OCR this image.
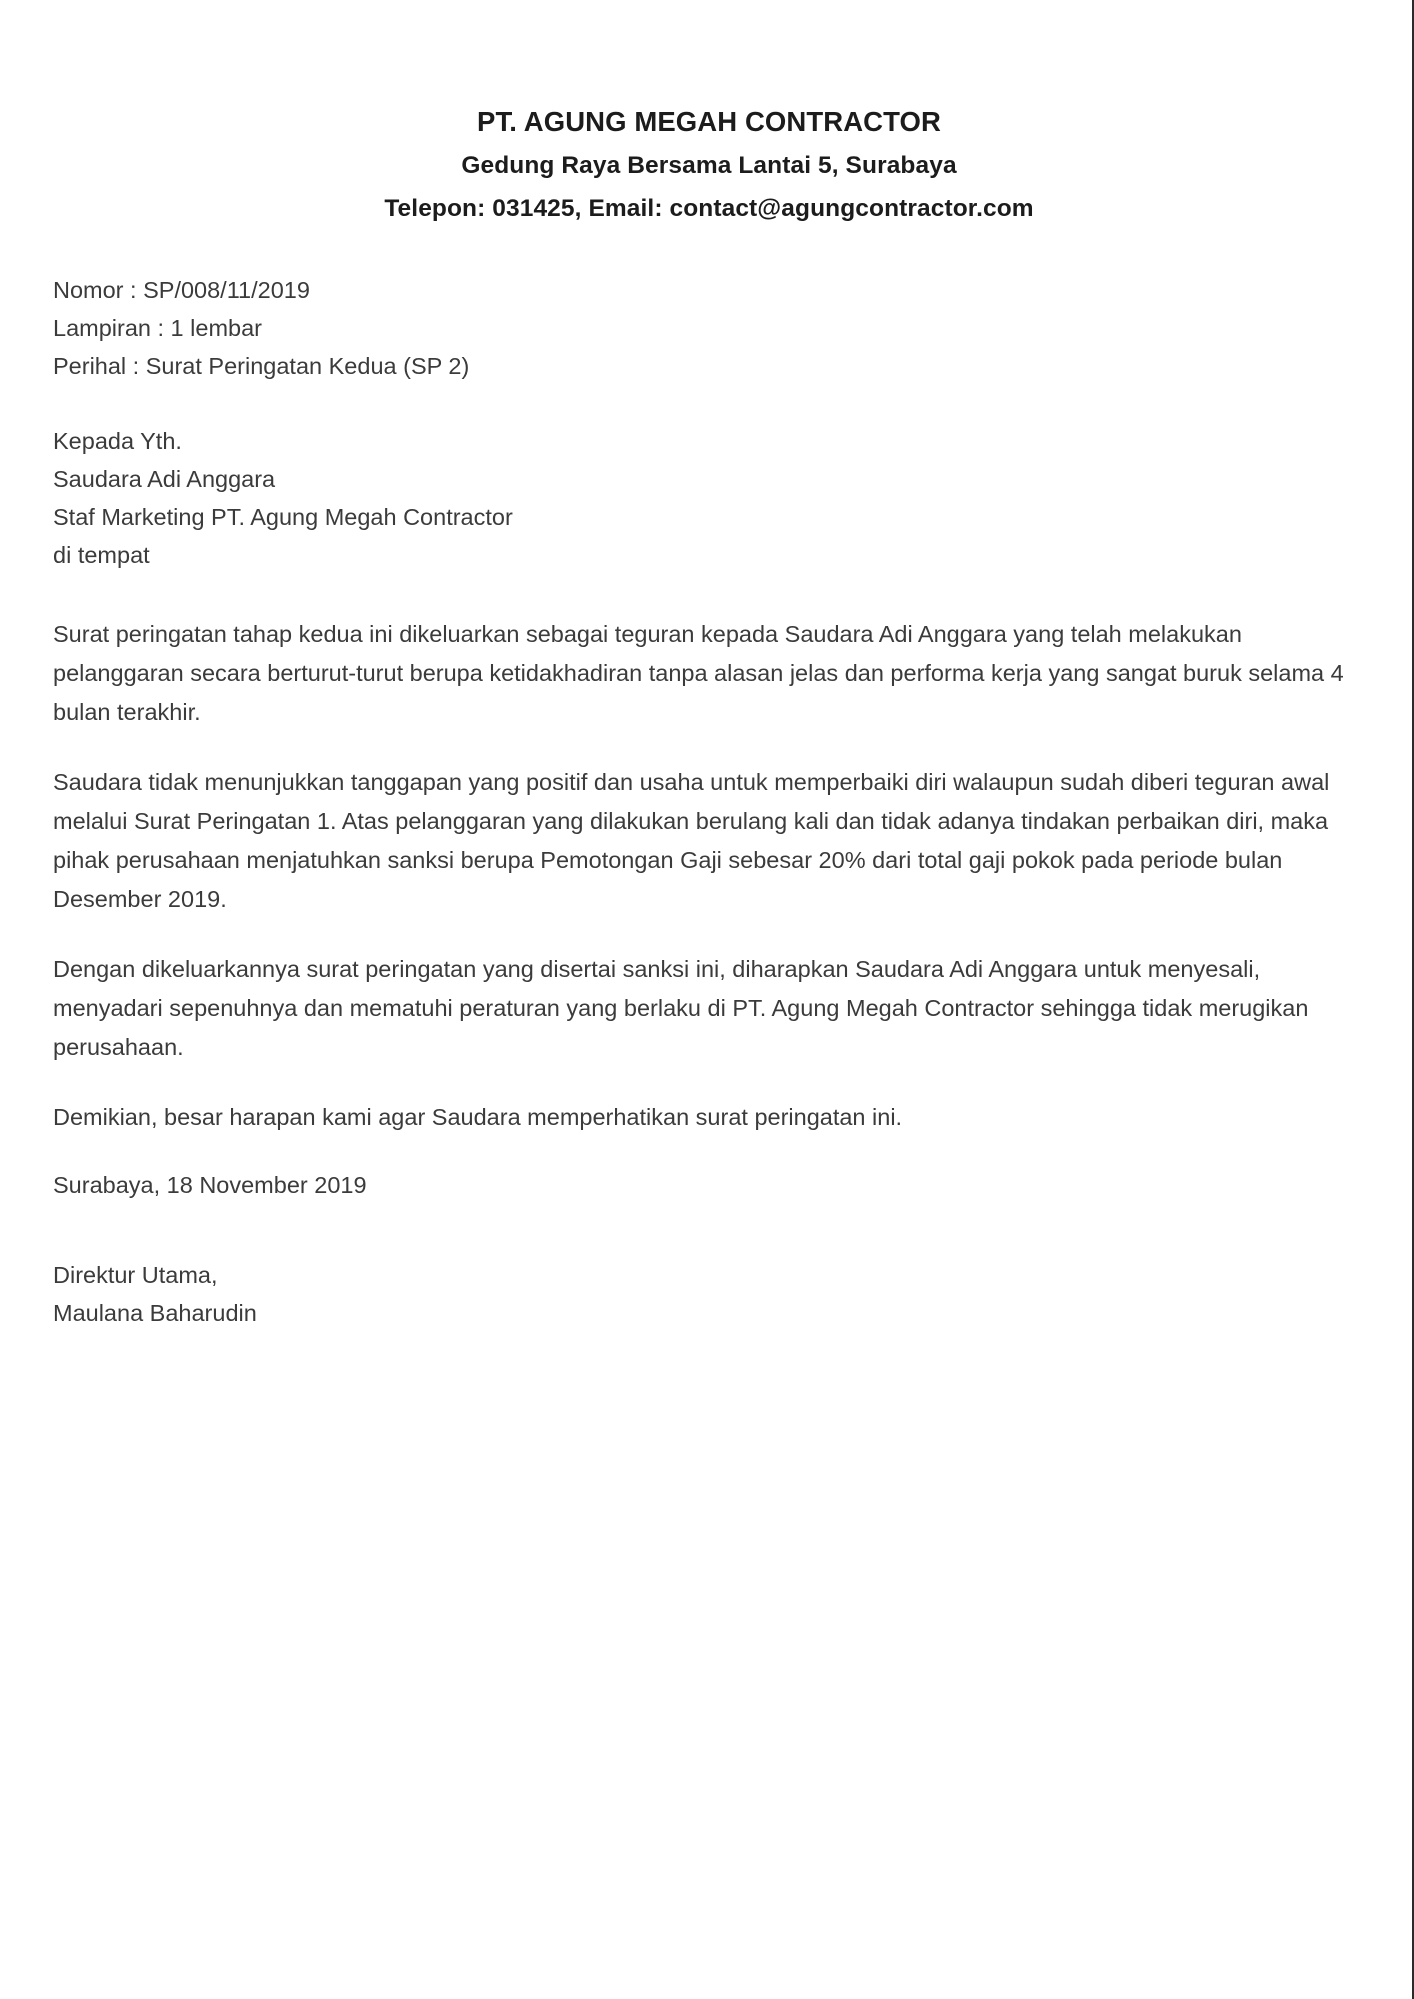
PT. AGUNG MEGAH CONTRACTOR
Gedung Raya Bersama Lantai 5, Surabaya
Telepon: 031425, Email: contact@agungcontractor.com
Nomor : SP/008/11/2019
Lampiran : 1 lembar
Perihal : Surat Peringatan Kedua (SP 2)
Kepada Yth.
Saudara Adi Anggara
Staf Marketing PT. Agung Megah Contractor
di tempat

Surat peringatan tahap kedua ini dikeluarkan sebagai teguran kepada Saudara Adi Anggara yang telah melakukan pelanggaran secara berturut-turut berupa ketidakhadiran tanpa alasan jelas dan performa kerja yang sangat buruk selama 4 bulan terakhir.

Saudara tidak menunjukkan tanggapan yang positif dan usaha untuk memperbaiki diri walaupun sudah diberi teguran awal melalui Surat Peringatan 1. Atas pelanggaran yang dilakukan berulang kali dan tidak adanya tindakan perbaikan diri, maka pihak perusahaan menjatuhkan sanksi berupa Pemotongan Gaji sebesar 20% dari total gaji pokok pada periode bulan Desember 2019.

Dengan dikeluarkannya surat peringatan yang disertai sanksi ini, diharapkan Saudara Adi Anggara untuk menyesali, menyadari sepenuhnya dan mematuhi peraturan yang berlaku di PT. Agung Megah Contractor sehingga tidak merugikan perusahaan.

Demikian, besar harapan kami agar Saudara memperhatikan surat peringatan ini.

Surabaya, 18 November 2019
Direktur Utama,
Maulana Baharudin
